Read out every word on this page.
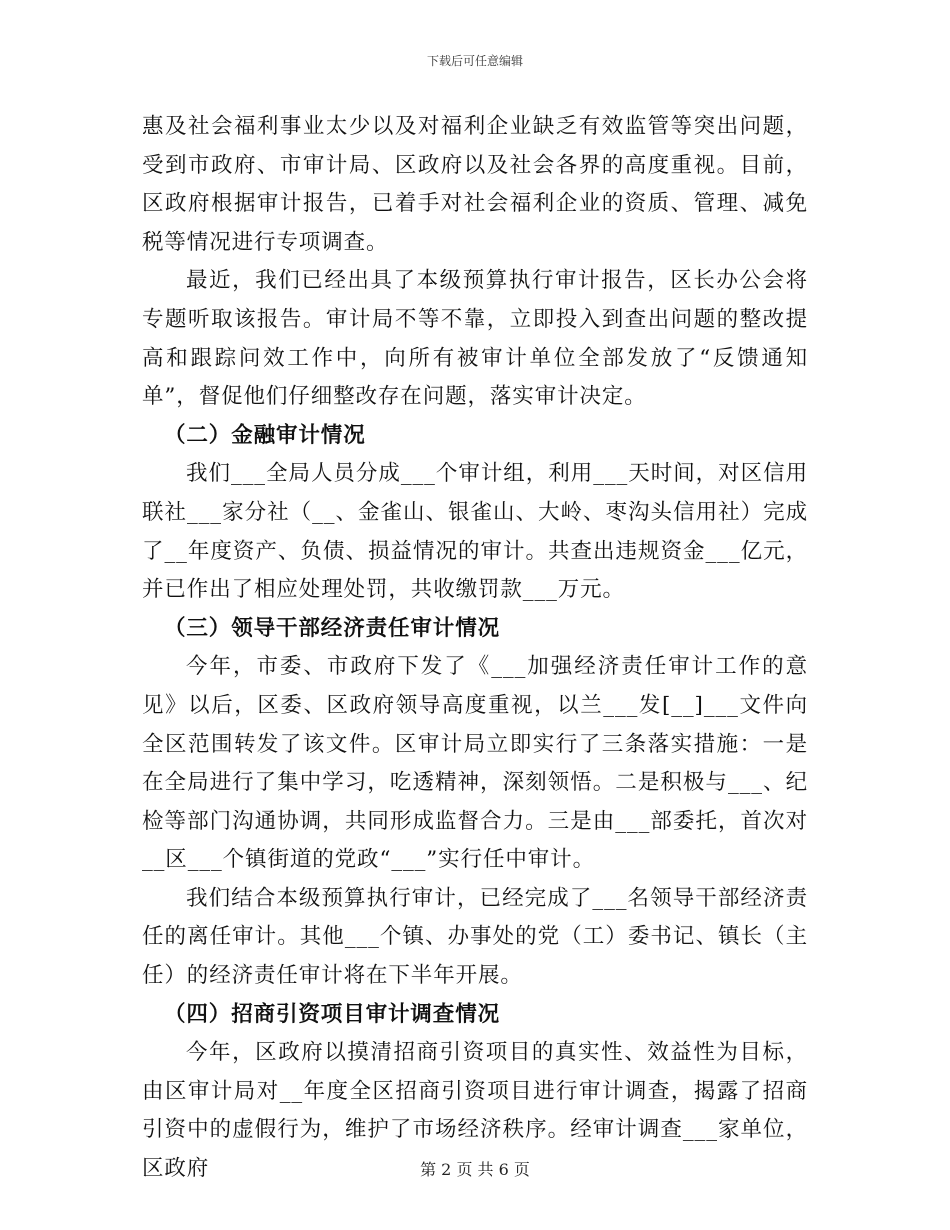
下载后可任意编辑

惠及社会福利事业太少以及对福利企业缺乏有效监管等突出问题，受到市政府、市审计局、区政府以及社会各界的高度重视。目前，区政府根据审计报告，已着手对社会福利企业的资质、管理、减免税等情况进行专项调查。

最近，我们已经出具了本级预算执行审计报告，区长办公会将专题听取该报告。审计局不等不靠，立即投入到查出问题的整改提高和跟踪问效工作中，向所有被审计单位全部发放了“反馈通知单”，督促他们仔细整改存在问题，落实审计决定。

（二）金融审计情况

我们___全局人员分成___个审计组，利用___天时间，对区信用联社___家分社（__、金雀山、银雀山、大岭、枣沟头信用社）完成了__年度资产、负债、损益情况的审计。共查出违规资金___亿元，并已作出了相应处理处罚，共收缴罚款___万元。

（三）领导干部经济责任审计情况

今年，市委、市政府下发了《___加强经济责任审计工作的意见》以后，区委、区政府领导高度重视，以兰___发[__]___文件向全区范围转发了该文件。区审计局立即实行了三条落实措施：一是在全局进行了集中学习，吃透精神，深刻领悟。二是积极与___、纪检等部门沟通协调，共同形成监督合力。三是由___部委托，首次对__区___个镇街道的党政“___”实行任中审计。

我们结合本级预算执行审计，已经完成了___名领导干部经济责任的离任审计。其他___个镇、办事处的党（工）委书记、镇长（主任）的经济责任审计将在下半年开展。

（四）招商引资项目审计调查情况

今年，区政府以摸清招商引资项目的真实性、效益性为目标，由区审计局对__年度全区招商引资项目进行审计调查，揭露了招商引资中的虚假行为，维护了市场经济秩序。经审计调查___家单位，区政府	第 2 页 共 6 页
